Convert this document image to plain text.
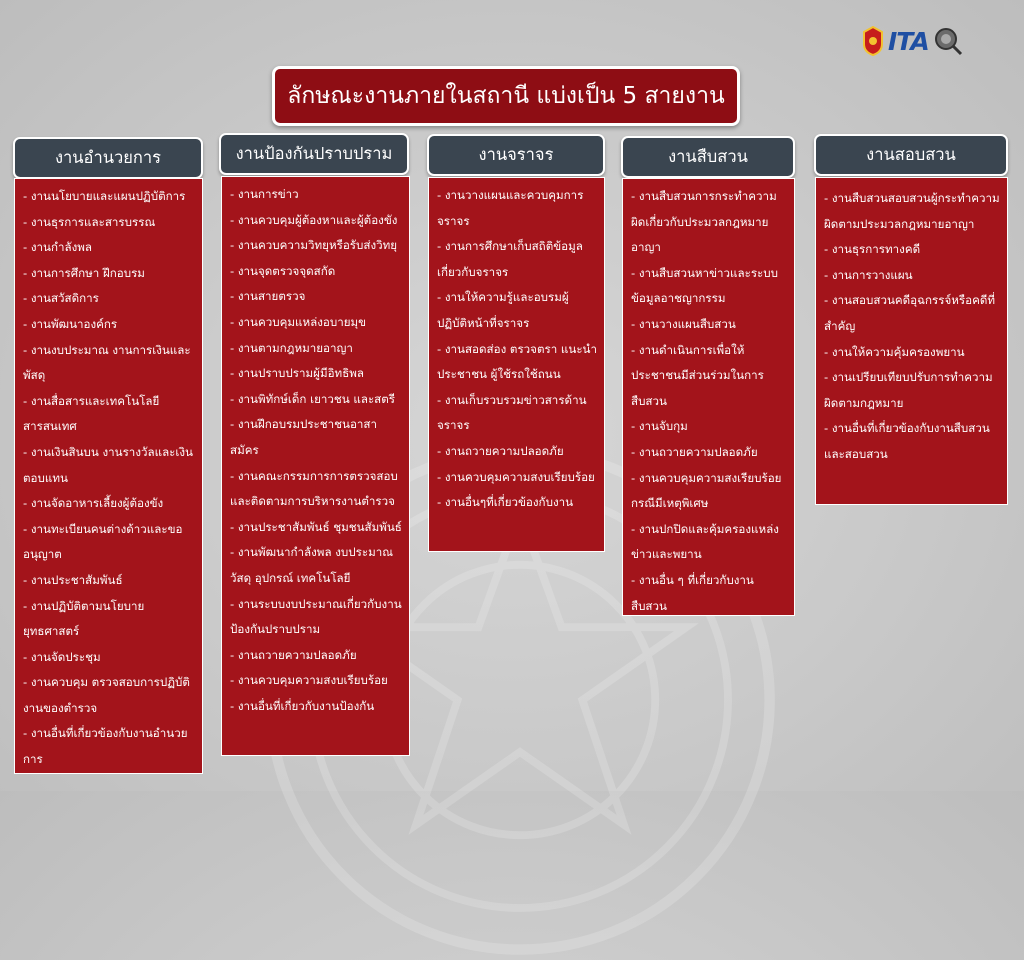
ITA
ลักษณะงานภายในสถานี แบ่งเป็น 5 สายงาน
งานอำนวยการ	งานป้องกันปราบปราม	งานจราจร	งานสืบสวน	งานสอบสวน
- งานนโยบายและแผนปฏิบัติการ
- งานธุรการและสารบรรณ
- งานกำลังพล
- งานการศึกษา ฝึกอบรม
- งานสวัสดิการ
- งานพัฒนาองค์กร
- งานงบประมาณ งานการเงินและพัสดุ
- งานสื่อสารและเทคโนโลยีสารสนเทศ
- งานเงินสินบน งานรางวัลและเงินตอบแทน
- งานจัดอาหารเลี้ยงผู้ต้องขัง
- งานทะเบียนคนต่างด้าวและขออนุญาต
- งานประชาสัมพันธ์
- งานปฏิบัติตามนโยบายยุทธศาสตร์
- งานจัดประชุม
- งานควบคุม ตรวจสอบการปฏิบัติงานของตำรวจ
- งานอื่นที่เกี่ยวข้องกับงานอำนวยการ
- งานการข่าว
- งานควบคุมผู้ต้องหาและผู้ต้องขัง
- งานควบความวิทยุหรือรับส่งวิทยุ
- งานจุดตรวจจุดสกัด
- งานสายตรวจ
- งานควบคุมแหล่งอบายมุข
- งานตามกฎหมายอาญา
- งานปราบปรามผู้มีอิทธิพล
- งานพิทักษ์เด็ก เยาวชน และสตรี
- งานฝึกอบรมประชาชนอาสาสมัคร
- งานคณะกรรมการการตรวจสอบและติดตามการบริหารงานตำรวจ
- งานประชาสัมพันธ์ ชุมชนสัมพันธ์
- งานพัฒนากำลังพล งบประมาณ วัสดุ อุปกรณ์ เทคโนโลยี
- งานระบบงบประมาณเกี่ยวกับงานป้องกันปราบปราม
- งานถวายความปลอดภัย
- งานควบคุมความสงบเรียบร้อย
- งานอื่นที่เกี่ยวกับงานป้องกัน
- งานวางแผนและควบคุมการจราจร
- งานการศึกษาเก็บสถิติข้อมูลเกี่ยวกับจราจร
- งานให้ความรู้และอบรมผู้ปฏิบัติหน้าที่จราจร
- งานสอดส่อง ตรวจตรา แนะนำประชาชน ผู้ใช้รถใช้ถนน
- งานเก็บรวบรวมข่าวสารด้านจราจร
- งานถวายความปลอดภัย
- งานควบคุมความสงบเรียบร้อย
- งานอื่นๆที่เกี่ยวข้องกับงาน
- งานสืบสวนการกระทำความผิดเกี่ยวกับประมวลกฎหมายอาญา
- งานสืบสวนหาข่าวและระบบข้อมูลอาชญากรรม
- งานวางแผนสืบสวน
- งานดำเนินการเพื่อให้ประชาชนมีส่วนร่วมในการสืบสวน
- งานจับกุม
- งานถวายความปลอดภัย
- งานควบคุมความสงเรียบร้อยกรณีมีเหตุพิเศษ
- งานปกปิดและคุ้มครองแหล่งข่าวและพยาน
- งานอื่น ๆ ที่เกี่ยวกับงานสืบสวน
- งานสืบสวนสอบสวนผู้กระทำความผิดตามประมวลกฎหมายอาญา
- งานธุรการทางคดี
- งานการวางแผน
- งานสอบสวนคดีอุฉกรรจ์หรือคดีที่สำคัญ
- งานให้ความคุ้มครองพยาน
- งานเปรียบเทียบปรับการทำความผิดตามกฎหมาย
- งานอื่นที่เกี่ยวข้องกับงานสืบสวนและสอบสวน
